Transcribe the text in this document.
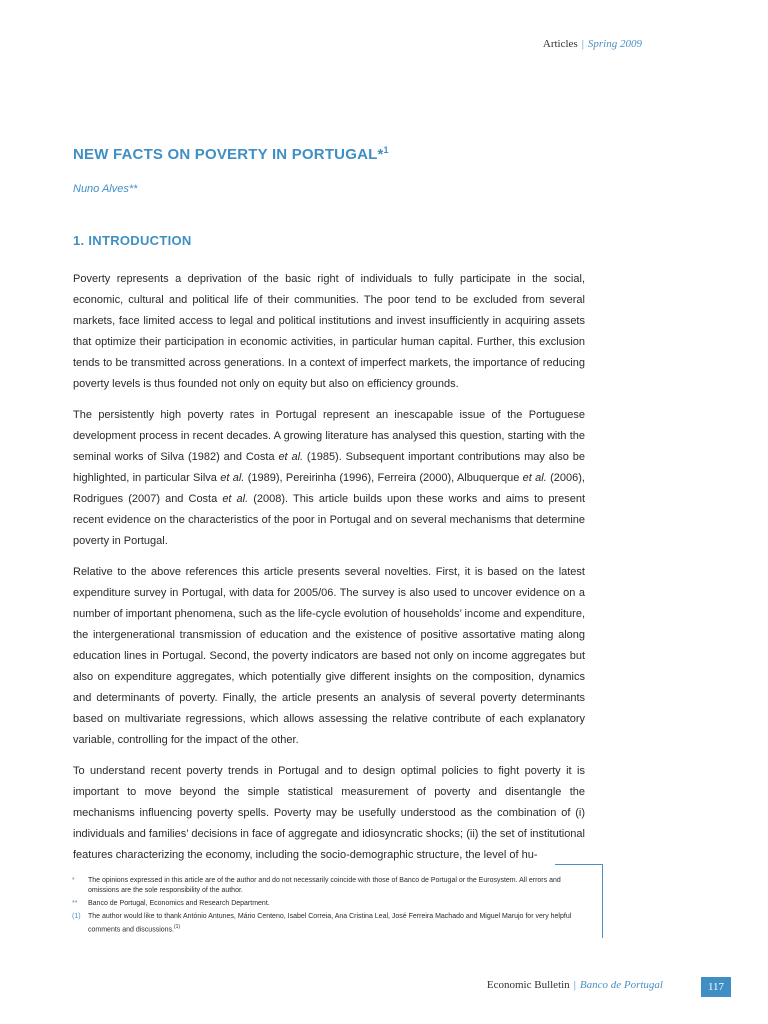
Articles | Spring 2009
NEW FACTS ON POVERTY IN PORTUGAL*$^1$
Nuno Alves**
1. INTRODUCTION

Poverty represents a deprivation of the basic right of individuals to fully participate in the social, economic, cultural and political life of their communities. The poor tend to be excluded from several markets, face limited access to legal and political institutions and invest insufficiently in acquiring assets that optimize their participation in economic activities, in particular human capital. Further, this exclusion tends to be transmitted across generations. In a context of imperfect markets, the importance of reducing poverty levels is thus founded not only on equity but also on efficiency grounds.

The persistently high poverty rates in Portugal represent an inescapable issue of the Portuguese development process in recent decades. A growing literature has analysed this question, starting with the seminal works of Silva (1982) and Costa et al. (1985). Subsequent important contributions may also be highlighted, in particular Silva et al. (1989), Pereirinha (1996), Ferreira (2000), Albuquerque et al. (2006), Rodrigues (2007) and Costa et al. (2008). This article builds upon these works and aims to present recent evidence on the characteristics of the poor in Portugal and on several mechanisms that determine poverty in Portugal.

Relative to the above references this article presents several novelties. First, it is based on the latest expenditure survey in Portugal, with data for 2005/06. The survey is also used to uncover evidence on a number of important phenomena, such as the life-cycle evolution of households’ income and expenditure, the intergenerational transmission of education and the existence of positive assortative mating along education lines in Portugal. Second, the poverty indicators are based not only on income aggregates but also on expenditure aggregates, which potentially give different insights on the composition, dynamics and determinants of poverty. Finally, the article presents an analysis of several poverty determinants based on multivariate regressions, which allows assessing the relative contribute of each explanatory variable, controlling for the impact of the other.

To understand recent poverty trends in Portugal and to design optimal policies to fight poverty it is important to move beyond the simple statistical measurement of poverty and disentangle the mechanisms influencing poverty spells. Poverty may be usefully understood as the combination of (i) individuals and families’ decisions in face of aggregate and idiosyncratic shocks; (ii) the set of institutional features characterizing the economy, including the socio-demographic structure, the level of hu-

*	The opinions expressed in this article are of the author and do not necessarily coincide with those of Banco de Portugal or the Eurosystem. All errors and omissions are the sole responsibility of the author.
**	Banco de Portugal, Economics and Research Department.
(1)	The author would like to thank António Antunes, Mário Centeno, Isabel Correia, Ana Cristina Leal, José Ferreira Machado and Miguel Marujo for very helpful comments and discussions.$^{(1)}$
Economic Bulletin | Banco de Portugal	117
